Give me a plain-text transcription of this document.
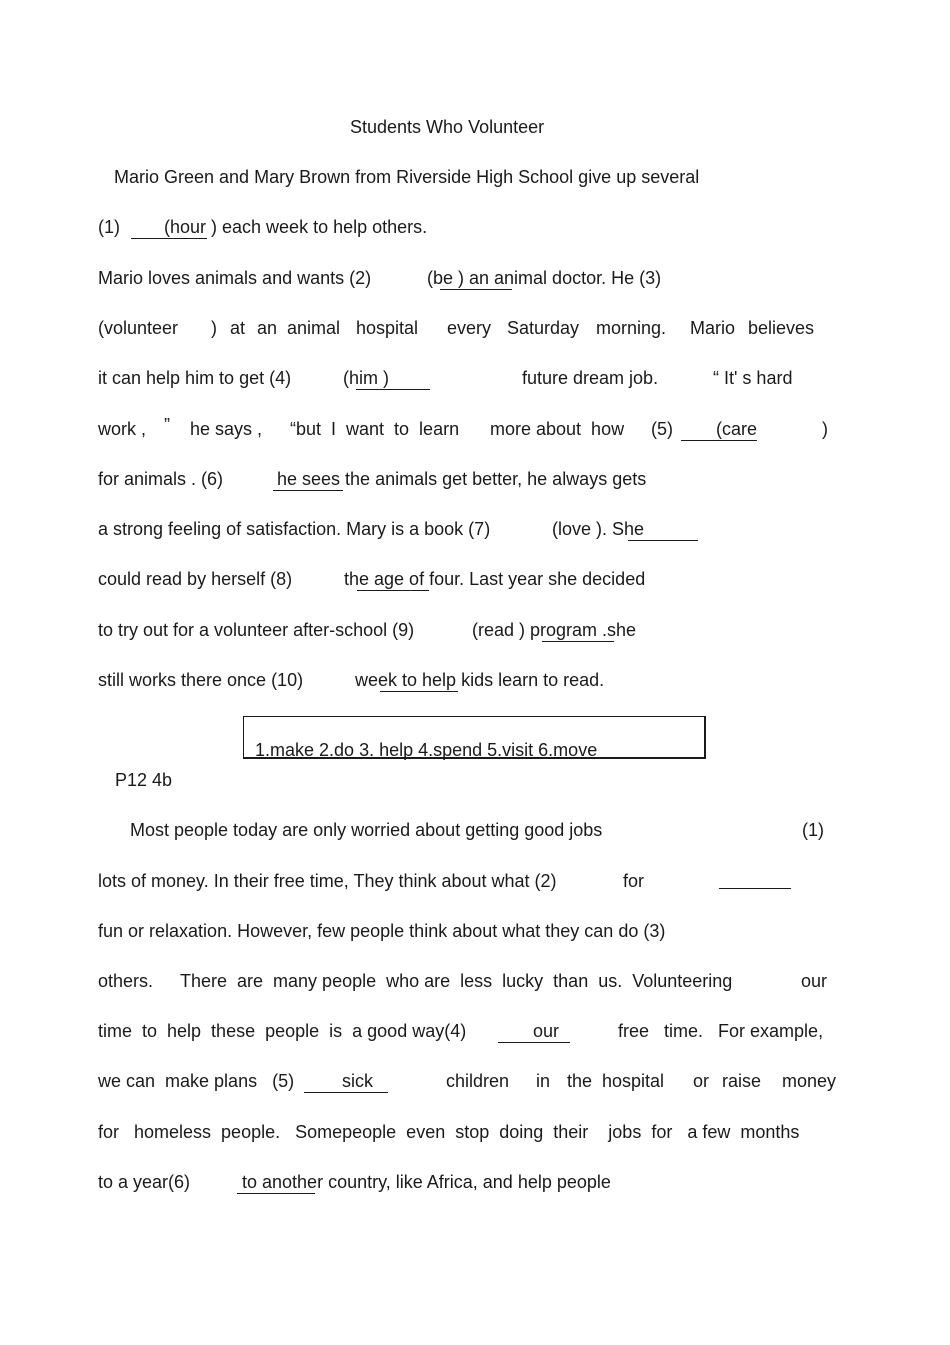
Students Who Volunteer
Mario Green and Mary Brown from Riverside High School give up several
(1) (hour ) each week to help others.
Mario loves animals and wants (2)	(be ) an animal doctor. He (3)
(volunteer ) at an animal hospital every Saturday morning. Mario believes
it can help him to get (4)	(him )	future dream job.	“ It' s hard
work , ” he says , “but  I  want  to  learn more about  how (5) (care	)
for animals . (6)	he sees the animals get better, he always gets
a strong feeling of satisfaction. Mary is a book (7)	(love ). She
could read by herself (8)	the age of four. Last year she decided
to try out for a volunteer after-school (9)	(read ) program .she
still works there once (10)	week to help kids learn to read.
1.make 2.do 3. help 4.spend 5.visit 6.move
P12 4b
Most people today are only worried about getting good jobs	(1)
lots of money. In their free time, They think about what (2)	for
fun or relaxation. However, few people think about what they can do (3)
others. There  are  many people  who are  less  lucky  than  us.  Volunteering	our
time  to  help  these  people  is  a good way(4)	our	free   time.   For example,
we can  make plans   (5)	sick	children in the hospital or raise money
for   homeless  people.   Somepeople  even  stop  doing  their    jobs  for   a few  months
to a year(6)	to another country, like Africa, and help people
